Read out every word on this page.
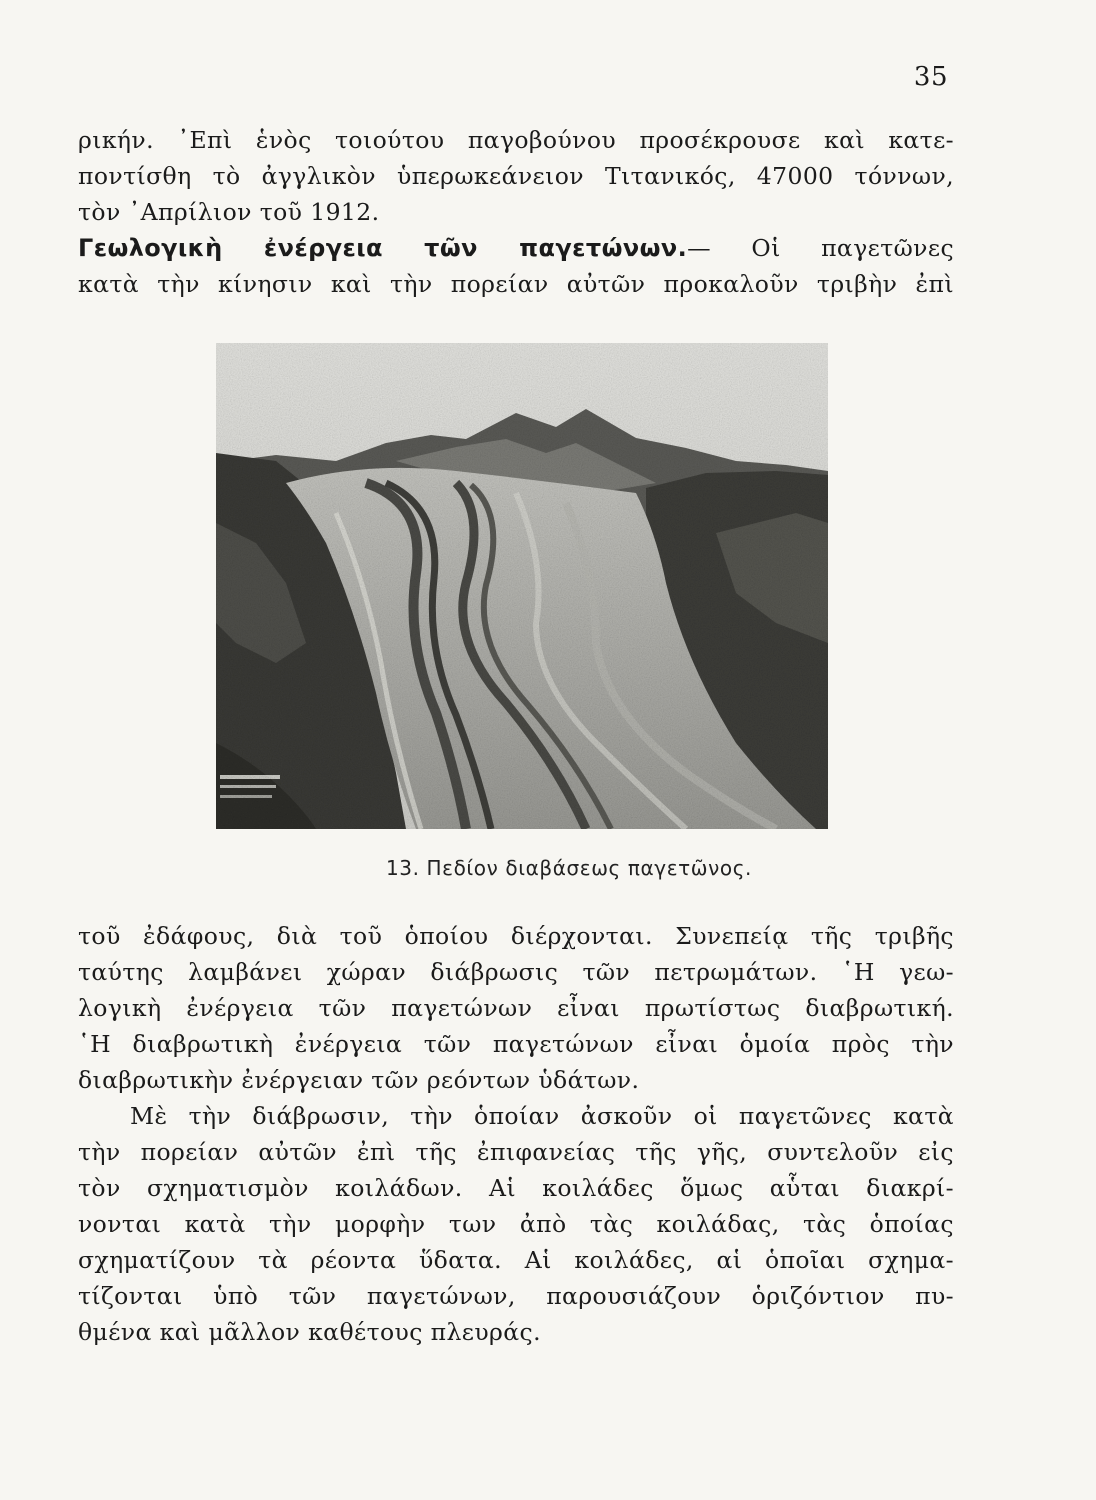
35
ρικήν. ᾽Επὶ ἑνὸς τοιούτου παγοβούνου προσέκρουσε καὶ κατε-
ποντίσθη τὸ ἀγγλικὸν ὑπερωκεάνειον Τιτανικός, 47000 τόννων,
τὸν ᾽Απρίλιον τοῦ 1912.
Γεωλογικὴ ἐνέργεια τῶν παγετώνων.— Οἱ παγετῶνες
κατὰ τὴν κίνησιν καὶ τὴν πορείαν αὐτῶν προκαλοῦν τριβὴν ἐπὶ
13. Πεδίον διαβάσεως παγετῶνος.
τοῦ ἐδάφους, διὰ τοῦ ὁποίου διέρχονται. Συνεπείᾳ τῆς τριβῆς
ταύτης λαμβάνει χώραν διάβρωσις τῶν πετρωμάτων. ῾Η γεω-
λογικὴ ἐνέργεια τῶν παγετώνων εἶναι πρωτίστως διαβρωτική.
῾Η διαβρωτικὴ ἐνέργεια τῶν παγετώνων εἶναι ὁμοία πρὸς τὴν
διαβρωτικὴν ἐνέργειαν τῶν ρεόντων ὑδάτων.
Μὲ τὴν διάβρωσιν, τὴν ὁποίαν ἀσκοῦν οἱ παγετῶνες κατὰ
τὴν πορείαν αὐτῶν ἐπὶ τῆς ἐπιφανείας τῆς γῆς, συντελοῦν εἰς
τὸν σχηματισμὸν κοιλάδων. Αἱ κοιλάδες ὅμως αὗται διακρί-
νονται κατὰ τὴν μορφὴν των ἀπὸ τὰς κοιλάδας, τὰς ὁποίας
σχηματίζουν τὰ ρέοντα ὕδατα. Αἱ κοιλάδες, αἱ ὁποῖαι σχημα-
τίζονται ὑπὸ τῶν παγετώνων, παρουσιάζουν ὁριζόντιον πυ-
θμένα καὶ μᾶλλον καθέτους πλευράς.
